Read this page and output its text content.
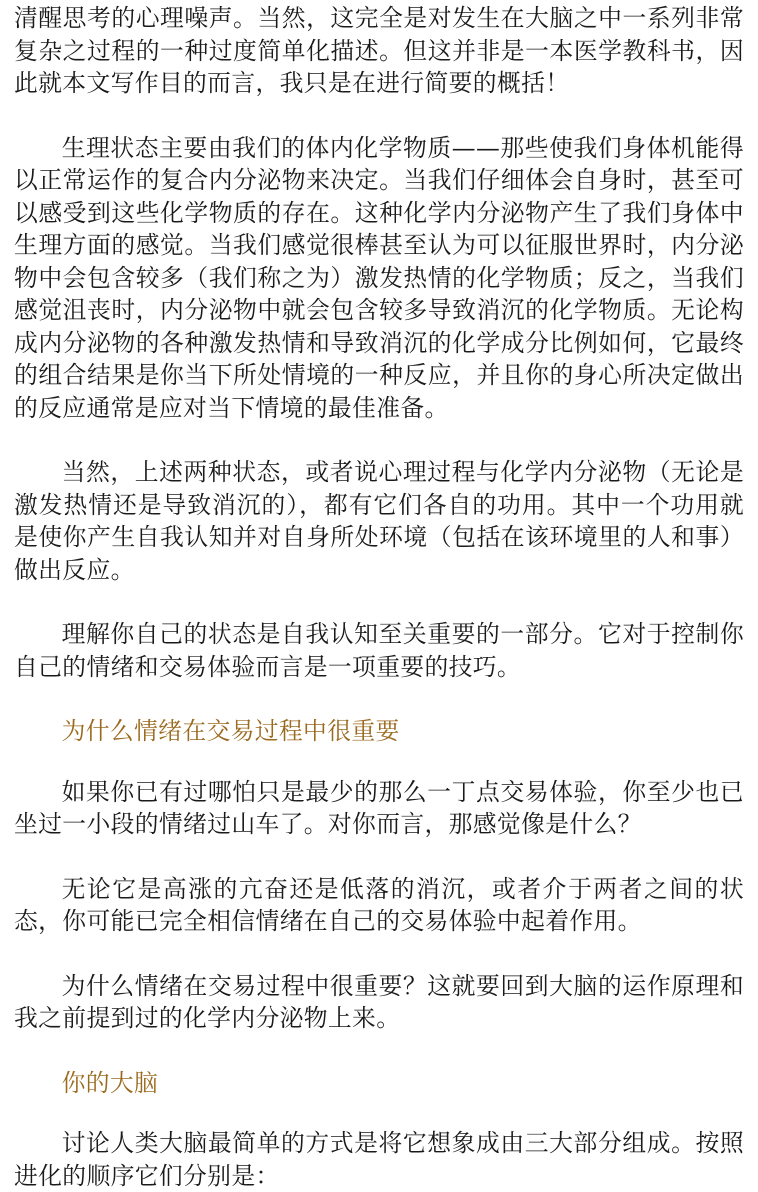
清醒思考的心理噪声。当然，这完全是对发生在大脑之中一系列非常复杂之过程的一种过度简单化描述。但这并非是一本医学教科书，因此就本文写作目的而言，我只是在进行简要的概括！

生理状态主要由我们的体内化学物质——那些使我们身体机能得以正常运作的复合内分泌物来决定。当我们仔细体会自身时，甚至可以感受到这些化学物质的存在。这种化学内分泌物产生了我们身体中生理方面的感觉。当我们感觉很棒甚至认为可以征服世界时，内分泌物中会包含较多（我们称之为）激发热情的化学物质；反之，当我们感觉沮丧时，内分泌物中就会包含较多导致消沉的化学物质。无论构成内分泌物的各种激发热情和导致消沉的化学成分比例如何，它最终的组合结果是你当下所处情境的一种反应，并且你的身心所决定做出的反应通常是应对当下情境的最佳准备。

当然，上述两种状态，或者说心理过程与化学内分泌物（无论是激发热情还是导致消沉的），都有它们各自的功用。其中一个功用就是使你产生自我认知并对自身所处环境（包括在该环境里的人和事）做出反应。

理解你自己的状态是自我认知至关重要的一部分。它对于控制你自己的情绪和交易体验而言是一项重要的技巧。

为什么情绪在交易过程中很重要

如果你已有过哪怕只是最少的那么一丁点交易体验，你至少也已坐过一小段的情绪过山车了。对你而言，那感觉像是什么？

无论它是高涨的亢奋还是低落的消沉，或者介于两者之间的状态，你可能已完全相信情绪在自己的交易体验中起着作用。

为什么情绪在交易过程中很重要？这就要回到大脑的运作原理和我之前提到过的化学内分泌物上来。

你的大脑

讨论人类大脑最简单的方式是将它想象成由三大部分组成。按照进化的顺序它们分别是：
